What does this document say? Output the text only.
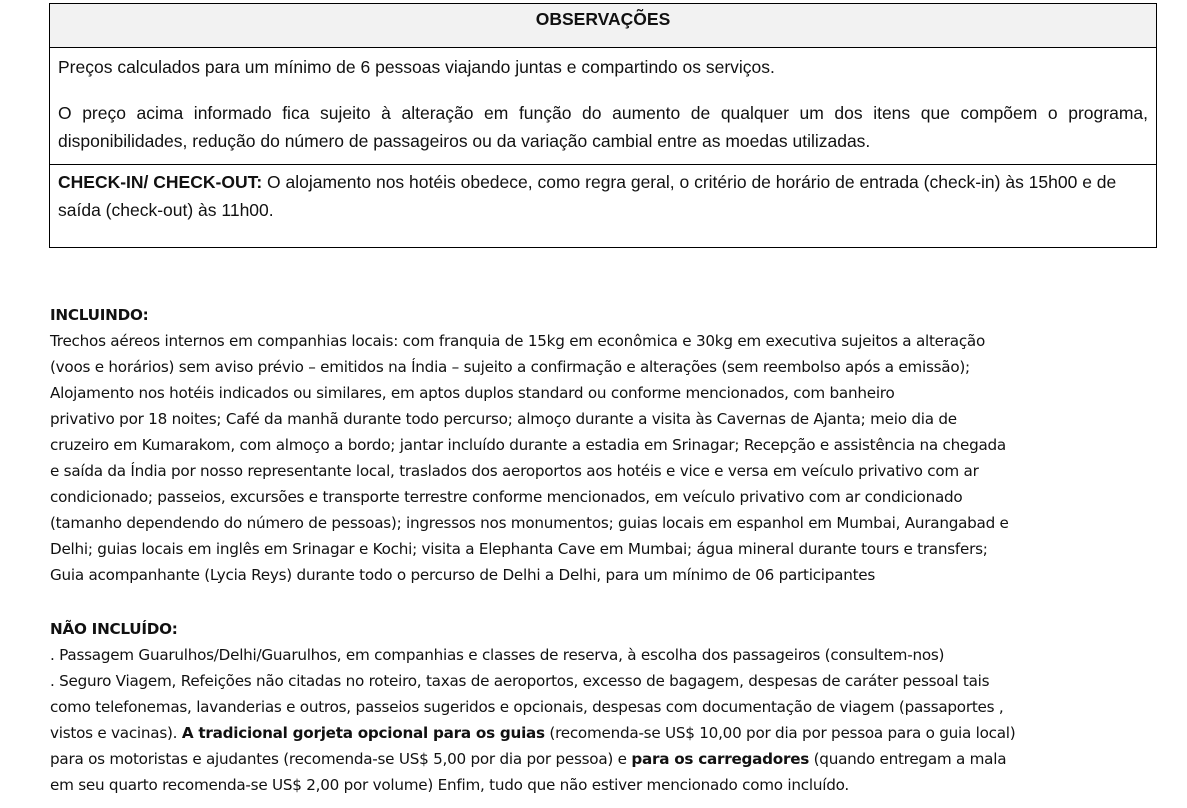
OBSERVAÇÕES

Preços calculados para um mínimo de 6 pessoas viajando juntas e compartindo os serviços.

O preço acima informado fica sujeito à alteração em função do aumento de qualquer um dos itens que compõem o programa, disponibilidades, redução do número de passageiros ou da variação cambial entre as moedas utilizadas.

CHECK-IN/ CHECK-OUT: O alojamento nos hotéis obedece, como regra geral, o critério de horário de entrada (check-in) às 15h00 e de saída (check-out) às 11h00.
INCLUINDO:
Trechos aéreos internos em companhias locais: com franquia de 15kg em econômica e 30kg em executiva sujeitos a alteração
(voos e horários) sem aviso prévio – emitidos na Índia – sujeito a confirmação e alterações (sem reembolso após a emissão);
Alojamento nos hotéis indicados ou similares, em aptos duplos standard ou conforme mencionados, com banheiro
privativo por 18 noites; Café da manhã durante todo percurso; almoço durante a visita às Cavernas de Ajanta; meio dia de
cruzeiro em Kumarakom, com almoço a bordo; jantar incluído durante a estadia em Srinagar; Recepção e assistência na chegada
e saída da Índia por nosso representante local, traslados dos aeroportos aos hotéis e vice e versa em veículo privativo com ar
condicionado; passeios, excursões e transporte terrestre conforme mencionados, em veículo privativo com ar condicionado
(tamanho dependendo do número de pessoas); ingressos nos monumentos; guias locais em espanhol em Mumbai, Aurangabad e
Delhi; guias locais em inglês em Srinagar e Kochi; visita a Elephanta Cave em Mumbai; água mineral durante tours e transfers;
Guia acompanhante (Lycia Reys) durante todo o percurso de Delhi a Delhi, para um mínimo de 06 participantes
NÃO INCLUÍDO:
. Passagem Guarulhos/Delhi/Guarulhos, em companhias e classes de reserva, à escolha dos passageiros (consultem-nos)
. Seguro Viagem, Refeições não citadas no roteiro, taxas de aeroportos, excesso de bagagem, despesas de caráter pessoal tais
como telefonemas, lavanderias e outros, passeios sugeridos e opcionais, despesas com documentação de viagem (passaportes ,
vistos e vacinas). A tradicional gorjeta opcional para os guias (recomenda-se US$ 10,00 por dia por pessoa para o guia local)
para os motoristas e ajudantes (recomenda-se US$ 5,00 por dia por pessoa) e para os carregadores (quando entregam a mala
em seu quarto recomenda-se US$ 2,00 por volume) Enfim, tudo que não estiver mencionado como incluído.
